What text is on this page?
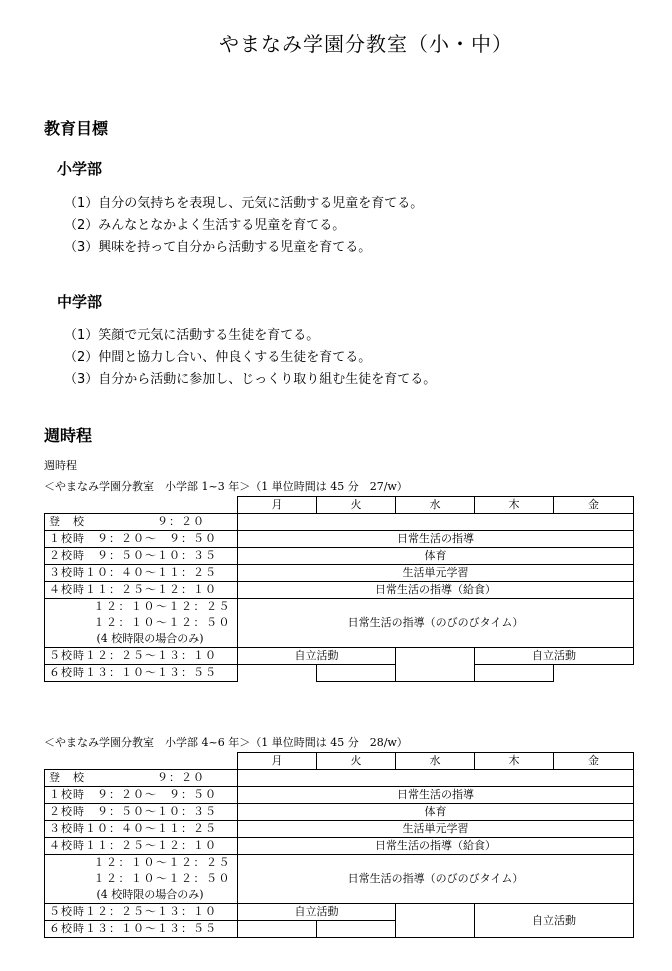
やまなみ学園分教室（小・中）
教育目標
小学部
（1）自分の気持ちを表現し、元気に活動する児童を育てる。
（2）みんなとなかよく生活する児童を育てる。
（3）興味を持って自分から活動する児童を育てる。
中学部
（1）笑顔で元気に活動する生徒を育てる。
（2）仲間と協力し合い、仲良くする生徒を育てる。
（3）自分から活動に参加し、じっくり取り組む生徒を育てる。
週時程
週時程
＜やまなみ学園分教室　小学部 1~3 年＞（1 単位時間は 45 分　27/w）
	月	火	水	木	金
登　校　　　　　　９：２０					
１校時　９：２０～　９：５０	日常生活の指導				
２校時　９：５０～１０：３５	体育				
３校時１０：４０～１１：２５	生活単元学習				
４校時１１：２５～１２：１０	日常生活の指導（給食）				

１２：１０～１２：２５
１２：１０～１２：５０
(4 校時限の場合のみ)	日常生活の指導（のびのびタイム）				
５校時１２：２５～１３：１０	自立活動			自立活動	
６校時１３：１０～１３：５５					
＜やまなみ学園分教室　小学部 4~6 年＞（1 単位時間は 45 分　28/w）
	月	火	水	木	金
登　校　　　　　　９：２０					
１校時　９：２０～　９：５０	日常生活の指導				
２校時　９：５０～１０：３５	体育				
３校時１０：４０～１１：２５	生活単元学習				
４校時１１：２５～１２：１０	日常生活の指導（給食）				

１２：１０～１２：２５
１２：１０～１２：５０
(4 校時限の場合のみ)	日常生活の指導（のびのびタイム）				
５校時１２：２５～１３：１０	自立活動			自立活動	
６校時１３：１０～１３：５５					
